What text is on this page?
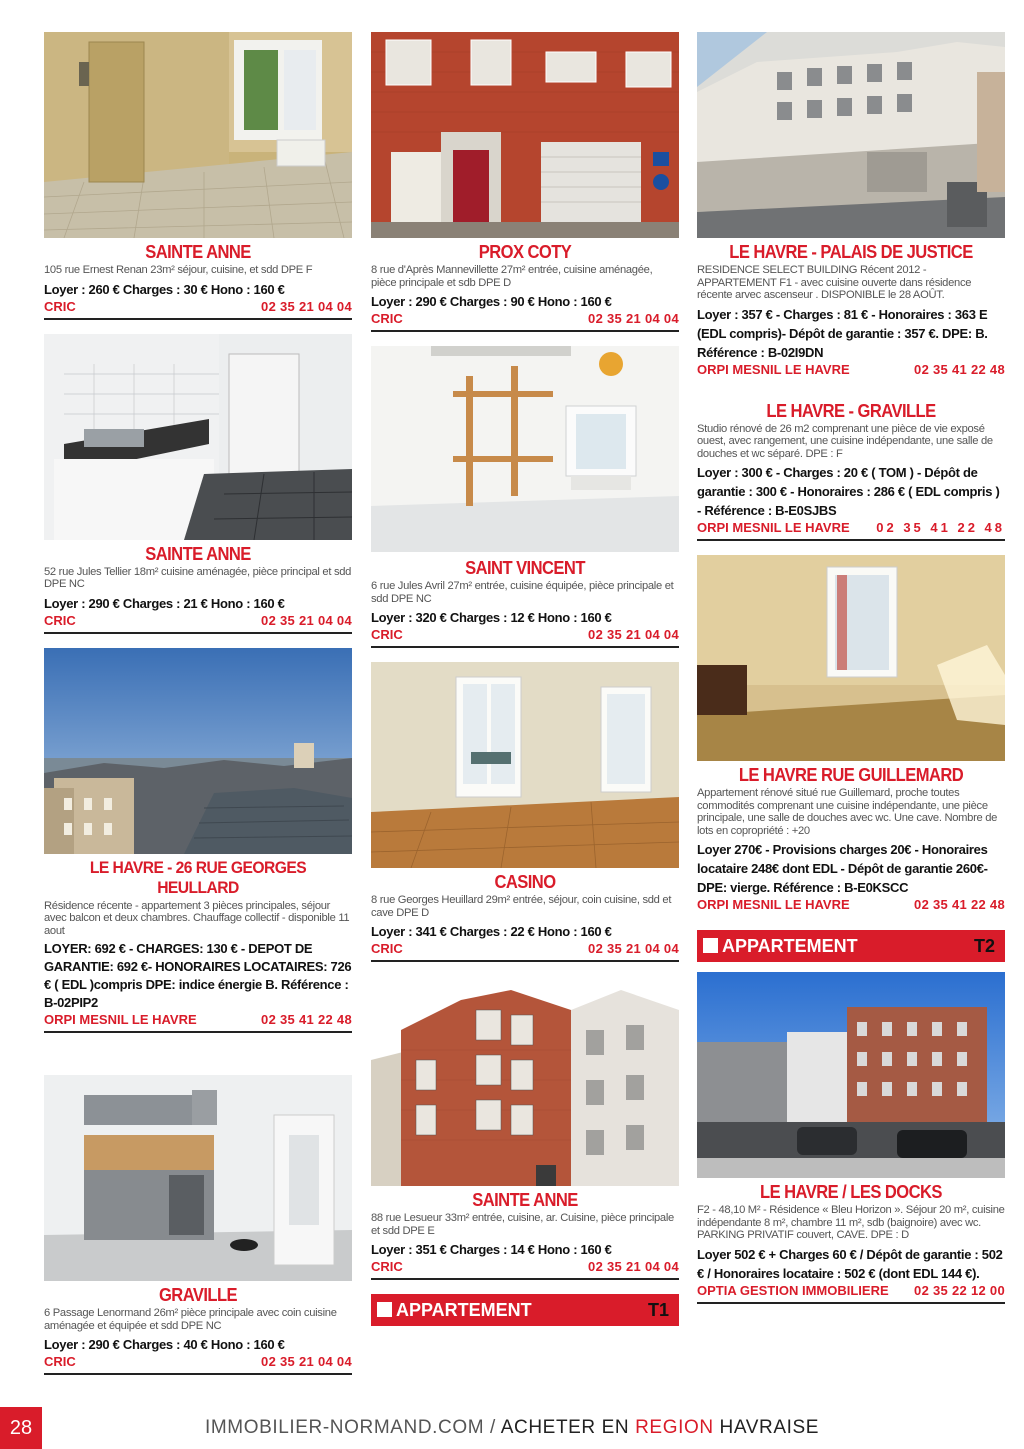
SAINTE ANNE
105 rue Ernest Renan 23m² séjour, cuisine, et sdd DPE F
Loyer : 260 € Charges : 30 € Hono : 160 €
CRIC	02 35 21 04 04
SAINTE ANNE
52 rue Jules Tellier 18m² cuisine aménagée, pièce principal et sdd DPE NC
Loyer : 290 € Charges : 21 € Hono : 160 €
CRIC	02 35 21 04 04
LE HAVRE - 26 RUE GEORGES HEULLARD
Résidence récente - appartement 3 pièces principales, séjour avec balcon et deux chambres. Chauffage collectif - disponible 11 aout
LOYER: 692 € - CHARGES: 130 € - DEPOT DE GARANTIE: 692 €- HONORAIRES LOCATAIRES: 726 € ( EDL )compris DPE: indice énergie B. Référence : B-02PIP2
ORPI MESNIL LE HAVRE	02 35 41 22 48
GRAVILLE
6 Passage Lenormand 26m² pièce principale avec coin cuisine aménagée et équipée et sdd DPE NC
Loyer : 290 € Charges : 40 € Hono : 160 €
CRIC	02 35 21 04 04
PROX COTY
8 rue d'Après Mannevillette 27m² entrée, cuisine aménagée, pièce principale et sdb DPE D
Loyer : 290 € Charges : 90 € Hono : 160 €
CRIC	02 35 21 04 04
SAINT VINCENT
6 rue Jules Avril 27m² entrée, cuisine équipée, pièce principale et sdd DPE NC
Loyer : 320 € Charges : 12 € Hono : 160 €
CRIC	02 35 21 04 04
CASINO
8 rue Georges Heuillard 29m² entrée, séjour, coin cuisine, sdd et cave DPE D
Loyer : 341 € Charges : 22 € Hono : 160 €
CRIC	02 35 21 04 04
SAINTE ANNE
88 rue Lesueur 33m² entrée, cuisine, ar. Cuisine, pièce principale et sdd DPE E
Loyer : 351 € Charges : 14 € Hono : 160 €
CRIC	02 35 21 04 04
APPARTEMENT	T1
LE HAVRE - PALAIS DE JUSTICE
RESIDENCE SELECT BUILDING Récent 2012 - APPARTEMENT F1 - avec cuisine ouverte dans résidence récente arvec ascenseur . DISPONIBLE le 28 AOÛT.
Loyer : 357 € - Charges : 81 € - Honoraires : 363 E (EDL compris)- Dépôt de garantie : 357 €. DPE: B. Référence : B-02I9DN
ORPI MESNIL LE HAVRE	02 35 41 22 48
LE HAVRE - GRAVILLE
Studio rénové de 26 m2 comprenant une pièce de vie exposé ouest, avec rangement, une cuisine indépendante, une salle de douches et wc séparé. DPE : F
Loyer : 300 € - Charges : 20 € ( TOM ) - Dépôt de garantie : 300 € - Honoraires : 286 € ( EDL compris ) - Référence : B-E0SJBS
ORPI MESNIL LE HAVRE 02 35 41 22 48
LE HAVRE RUE GUILLEMARD
Appartement rénové situé rue Guillemard, proche toutes commodités comprenant une cuisine indépendante, une pièce principale, une salle de douches avec wc. Une cave. Nombre de lots en copropriété : +20
Loyer 270€ - Provisions charges 20€ - Honoraires locataire 248€ dont EDL - Dépôt de garantie 260€- DPE: vierge. Référence : B-E0KSCC
ORPI MESNIL LE HAVRE	02 35 41 22 48
APPARTEMENT	T2
LE HAVRE / LES DOCKS
F2 - 48,10 M² - Résidence « Bleu Horizon ». Séjour 20 m², cuisine indépendante 8 m², chambre 11 m², sdb (baignoire) avec wc. PARKING PRIVATIF couvert, CAVE. DPE : D
Loyer 502 € + Charges 60 € / Dépôt de garantie : 502 € / Honoraires locataire : 502 € (dont EDL 144 €).
OPTIA GESTION IMMOBILIERE 02 35 22 12 00
28	IMMOBILIER-NORMAND.COM / ACHETER EN REGION HAVRAISE
